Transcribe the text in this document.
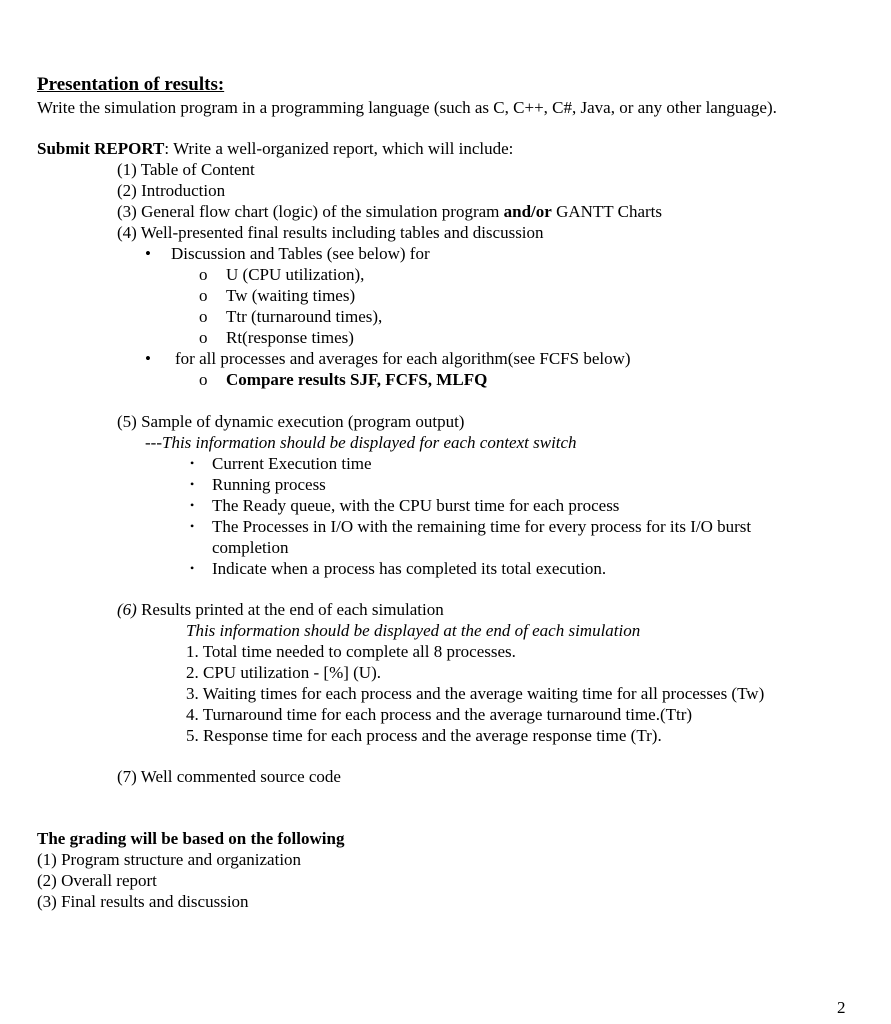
Presentation of results:
Write the simulation program in a programming language (such as C, C++, C#, Java, or any other language).
Submit REPORT: Write a well-organized report, which will include:
(1) Table of Content
(2) Introduction
(3) General flow chart (logic) of the simulation program and/or GANTT Charts
(4) Well-presented final results including tables and discussion
• Discussion and Tables (see below) for
o U (CPU utilization),
o Tw (waiting times)
o Ttr (turnaround times),
o Rt(response times)
• for all processes and averages for each algorithm(see FCFS below)
o Compare results SJF, FCFS, MLFQ
(5) Sample of dynamic execution (program output)
---This information should be displayed for each context switch
• Current Execution time
• Running process
• The Ready queue, with the CPU burst time for each process
• The Processes in I/O with the remaining time for every process for its I/O burst
completion
• Indicate when a process has completed its total execution.
(6) Results printed at the end of each simulation
This information should be displayed at the end of each simulation
1. Total time needed to complete all 8 processes.
2. CPU utilization - [%] (U).
3. Waiting times for each process and the average waiting time for all processes (Tw)
4. Turnaround time for each process and the average turnaround time.(Ttr)
5. Response time for each process and the average response time (Tr).
(7) Well commented source code
The grading will be based on the following
(1) Program structure and organization
(2) Overall report
(3) Final results and discussion
2
